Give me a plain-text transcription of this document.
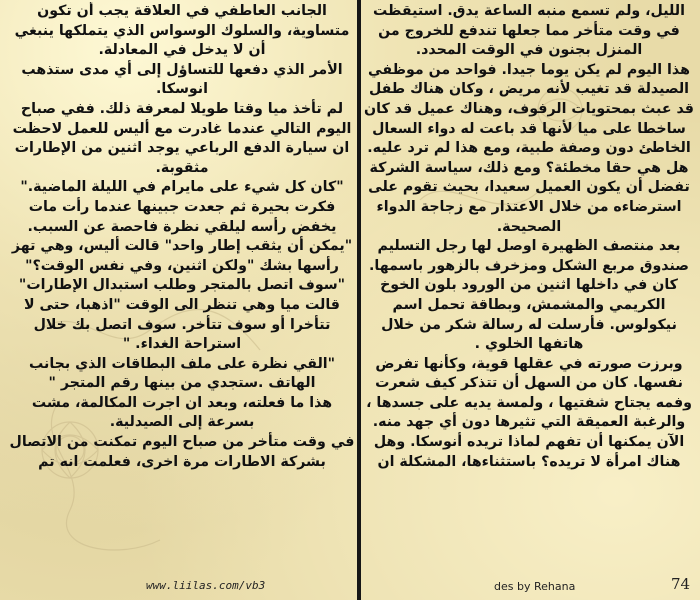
الليل، ولم تسمع منبه الساعة يدق. استيقظت في وقت متأخر مما جعلها تندفع للخروج من المنزل بجنون في الوقت المحدد.

هذا اليوم لم يكن يوما جيدا. فواحد من موظفي الصيدلة قد تغيب لأنه مريض ، وكان هناك طفل قد عبث بمحتويات الرفوف، وهناك عميل قد كان ساخطا على ميا لأنها قد باعت له دواء السعال الخاطئ دون وصفة طبية، ومع هذا لم ترد عليه. هل هي حقا مخطئة؟ ومع ذلك، سياسة الشركة تفضل أن يكون العميل سعيدا، بحيث تقوم على استرضاءه من خلال الاعتذار مع زجاجة الدواء الصحيحة.

بعد منتصف الظهيرة اوصل لها رجل التسليم صندوق مربع الشكل ومزخرف بالزهور باسمها. كان في داخلها اثنين من الورود بلون الخوخ الكريمي والمشمش، وبطاقة تحمل اسم نيكولوس. فأرسلت له رسالة شكر من خلال هاتفها الخلوي .

وبرزت صورته في عقلها قوية، وكأنها تفرض نفسها. كان من السهل أن تتذكر كيف شعرت وفمه يجتاح شفتيها ، ولمسة يديه على جسدها ، والرغبة العميقة التي تثيرها دون أي جهد منه.

الآن يمكنها أن تفهم لماذا تريده أنوسكا. وهل هناك امرأة لا تريده؟ باستثناءها، المشكلة ان

الجانب العاطفي في العلاقة يجب أن تكون متساوية، والسلوك الوسواس الذي يتملكها ينبغي أن لا يدخل في المعادلة.

الأمر الذي دفعها للتساؤل إلى أي مدى ستذهب انوسكا.

لم تأخذ ميا وقتا طويلا لمعرفة ذلك. ففي صباح اليوم التالي عندما غادرت مع أليس للعمل لاحظت ان سيارة الدفع الرباعي يوجد اثنين من الإطارات مثقوبة.

"كان كل شيء على مايرام في الليلة الماضية." فكرت بحيرة ثم جعدت جبينها عندما رأت مات يخفض رأسه ليلقي نظرة فاحصة عن السبب.

"يمكن أن يثقب إطار واحد" قالت أليس، وهي تهز رأسها بشك "ولكن اثنين، وفي نفس الوقت؟"

"سوف اتصل بالمتجر وطلب استبدال الإطارات" قالت ميا وهي تنظر الى الوقت "اذهبا، حتى لا تتأخرا أو سوف تتأخر. سوف اتصل بك خلال استراحة الغداء. "

"القي نظرة على ملف البطاقات الذي بجانب الهاتف .ستجدي من بينها رقم المتجر "

هذا ما فعلته، وبعد ان اجرت المكالمة، مشت بسرعة إلى الصيدلية.

في وقت متأخر من صباح اليوم تمكنت من الاتصال بشركة الاطارات مرة اخرى، فعلمت انه تم

www.liilas.com/vb3	des by Rehana	74
